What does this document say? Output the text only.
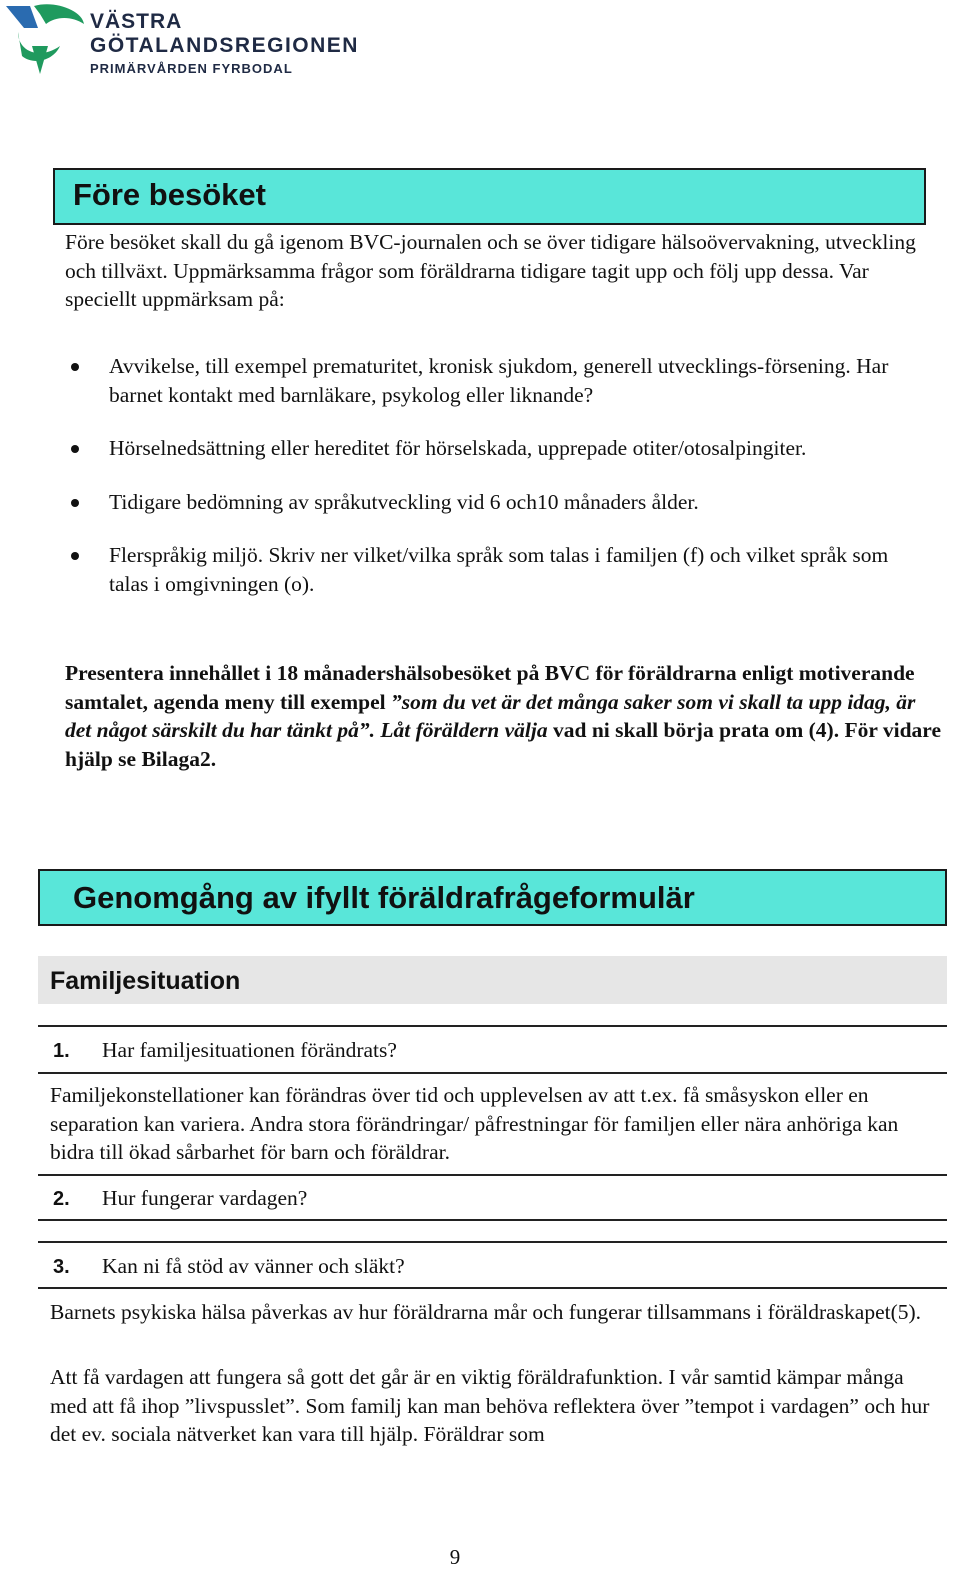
VÄSTRA
GÖTALANDSREGIONEN
PRIMÄRVÅRDEN FYRBODAL
Före besöket
Före besöket skall du gå igenom BVC-journalen och se över tidigare hälsoövervakning, utveckling och tillväxt. Uppmärksamma frågor som föräldrarna tidigare tagit upp och följ upp dessa. Var speciellt uppmärksam på:
Avvikelse, till exempel prematuritet, kronisk sjukdom, generell utvecklings-försening. Har barnet kontakt med barnläkare, psykolog eller liknande?
Hörselnedsättning eller hereditet för hörselskada, upprepade otiter/otosalpingiter.
Tidigare bedömning av språkutveckling vid 6 och10 månaders ålder.
Flerspråkig miljö. Skriv ner vilket/vilka språk som talas i familjen (f) och vilket språk som talas i omgivningen (o).
Presentera innehållet i 18 månadershälsobesöket på BVC för föräldrarna enligt motiverande samtalet, agenda meny till exempel ”som du vet är det många saker som vi skall ta upp idag, är det något särskilt du har tänkt på”. Låt föräldern välja vad ni skall börja prata om (4). För vidare hjälp se Bilaga2.
Genomgång av ifyllt föräldrafrågeformulär
Familjesituation
1. Har familjesituationen förändrats?
Familjekonstellationer kan förändras över tid och upplevelsen av att t.ex. få småsyskon eller en separation kan variera. Andra stora förändringar/ påfrestningar för familjen eller nära anhöriga kan bidra till ökad sårbarhet för barn och föräldrar.
2. Hur fungerar vardagen?
3. Kan ni få stöd av vänner och släkt?
Barnets psykiska hälsa påverkas av hur föräldrarna mår och fungerar tillsammans i föräldraskapet(5).
Att få vardagen att fungera så gott det går är en viktig föräldrafunktion. I vår samtid kämpar många med att få ihop ”livspusslet”. Som familj kan man behöva reflektera över ”tempot i vardagen” och hur det ev. sociala nätverket kan vara till hjälp. Föräldrar som
9
